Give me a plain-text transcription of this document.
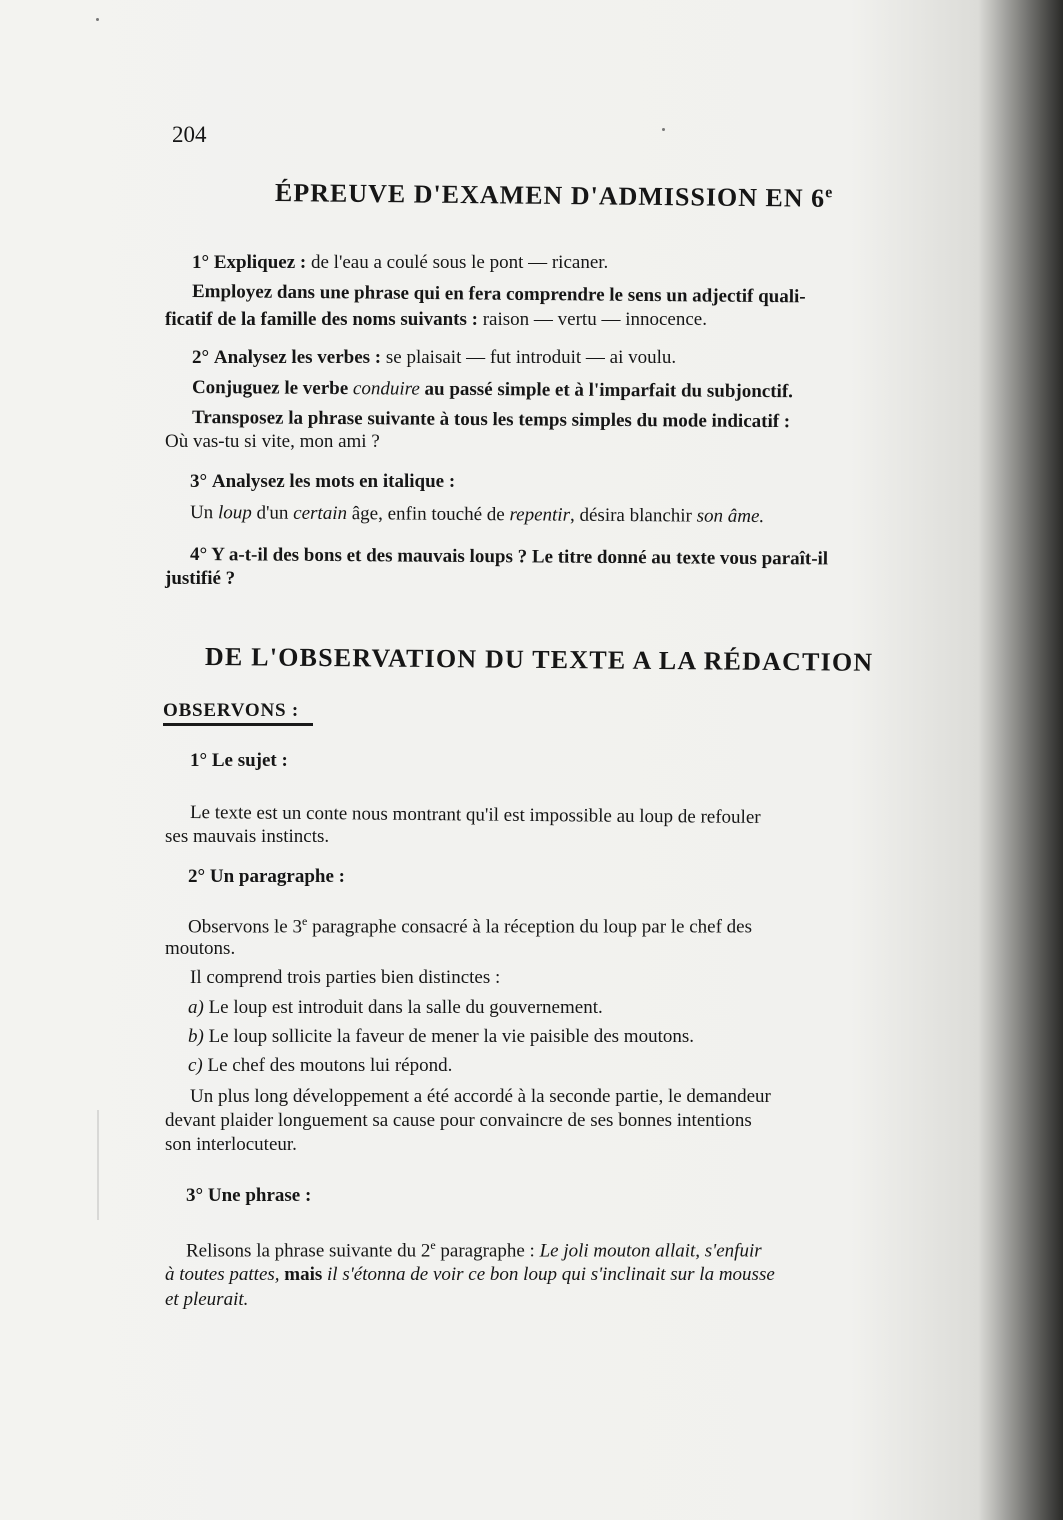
204
ÉPREUVE D'EXAMEN D'ADMISSION EN 6e
1° Expliquez : de l'eau a coulé sous le pont — ricaner.
Employez dans une phrase qui en fera comprendre le sens un adjectif quali-
ficatif de la famille des noms suivants : raison — vertu — innocence.
2° Analysez les verbes : se plaisait — fut introduit — ai voulu.
Conjuguez le verbe conduire au passé simple et à l'imparfait du subjonctif.
Transposez la phrase suivante à tous les temps simples du mode indicatif :
Où vas-tu si vite, mon ami ?
3° Analysez les mots en italique :
Un loup d'un certain âge, enfin touché de repentir, désira blanchir son âme.
4° Y a-t-il des bons et des mauvais loups ? Le titre donné au texte vous paraît-il
justifié ?
DE L'OBSERVATION DU TEXTE A LA RÉDACTION
OBSERVONS :
1° Le sujet :
Le texte est un conte nous montrant qu'il est impossible au loup de refouler
ses mauvais instincts.
2° Un paragraphe :
Observons le 3e paragraphe consacré à la réception du loup par le chef des
moutons.
Il comprend trois parties bien distinctes :
a) Le loup est introduit dans la salle du gouvernement.
b) Le loup sollicite la faveur de mener la vie paisible des moutons.
c) Le chef des moutons lui répond.
Un plus long développement a été accordé à la seconde partie, le demandeur
devant plaider longuement sa cause pour convaincre de ses bonnes intentions
son interlocuteur.
3° Une phrase :
Relisons la phrase suivante du 2e paragraphe : Le joli mouton allait, s'enfuir
à toutes pattes, mais il s'étonna de voir ce bon loup qui s'inclinait sur la mousse
et pleurait.
